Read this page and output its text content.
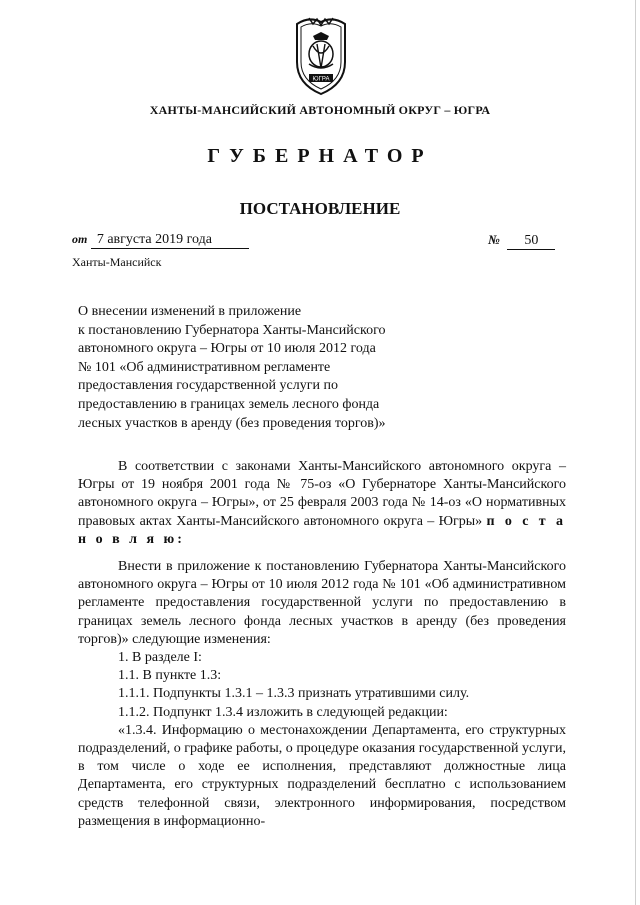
ЮГРА
ХАНТЫ-МАНСИЙСКИЙ АВТОНОМНЫЙ ОКРУГ – ЮГРА
ГУБЕРНАТОР
ПОСТАНОВЛЕНИЕ
от 7 августа 2019 года	№ 50
Ханты-Мансийск
О внесении изменений в приложение
к постановлению Губернатора Ханты-Мансийского
автономного округа – Югры от 10 июля 2012 года
№ 101 «Об административном регламенте
предоставления государственной услуги по
предоставлению в границах земель лесного фонда
лесных участков в аренду (без проведения торгов)»

В соответствии с законами Ханты-Мансийского автономного округа – Югры от 19 ноября 2001 года № 75-оз «О Губернаторе Ханты-Мансийского автономного округа – Югры», от 25 февраля 2003 года № 14-оз «О нормативных правовых актах Ханты-Мансийского автономного округа – Югры» п о с т а н о в л я ю:

Внести в приложение к постановлению Губернатора Ханты-Мансийского автономного округа – Югры от 10 июля 2012 года № 101 «Об административном регламенте предоставления государственной услуги по предоставлению в границах земель лесного фонда лесных участков в аренду (без проведения торгов)» следующие изменения:

1. В разделе I:

1.1. В пункте 1.3:

1.1.1. Подпункты 1.3.1 – 1.3.3 признать утратившими силу.

1.1.2. Подпункт 1.3.4 изложить в следующей редакции:

«1.3.4. Информацию о местонахождении Департамента, его структурных подразделений, о графике работы, о процедуре оказания государственной услуги, в том числе о ходе ее исполнения, представляют должностные лица Департамента, его структурных подразделений бесплатно с использованием средств телефонной связи, электронного информирования, посредством размещения в информационно-
